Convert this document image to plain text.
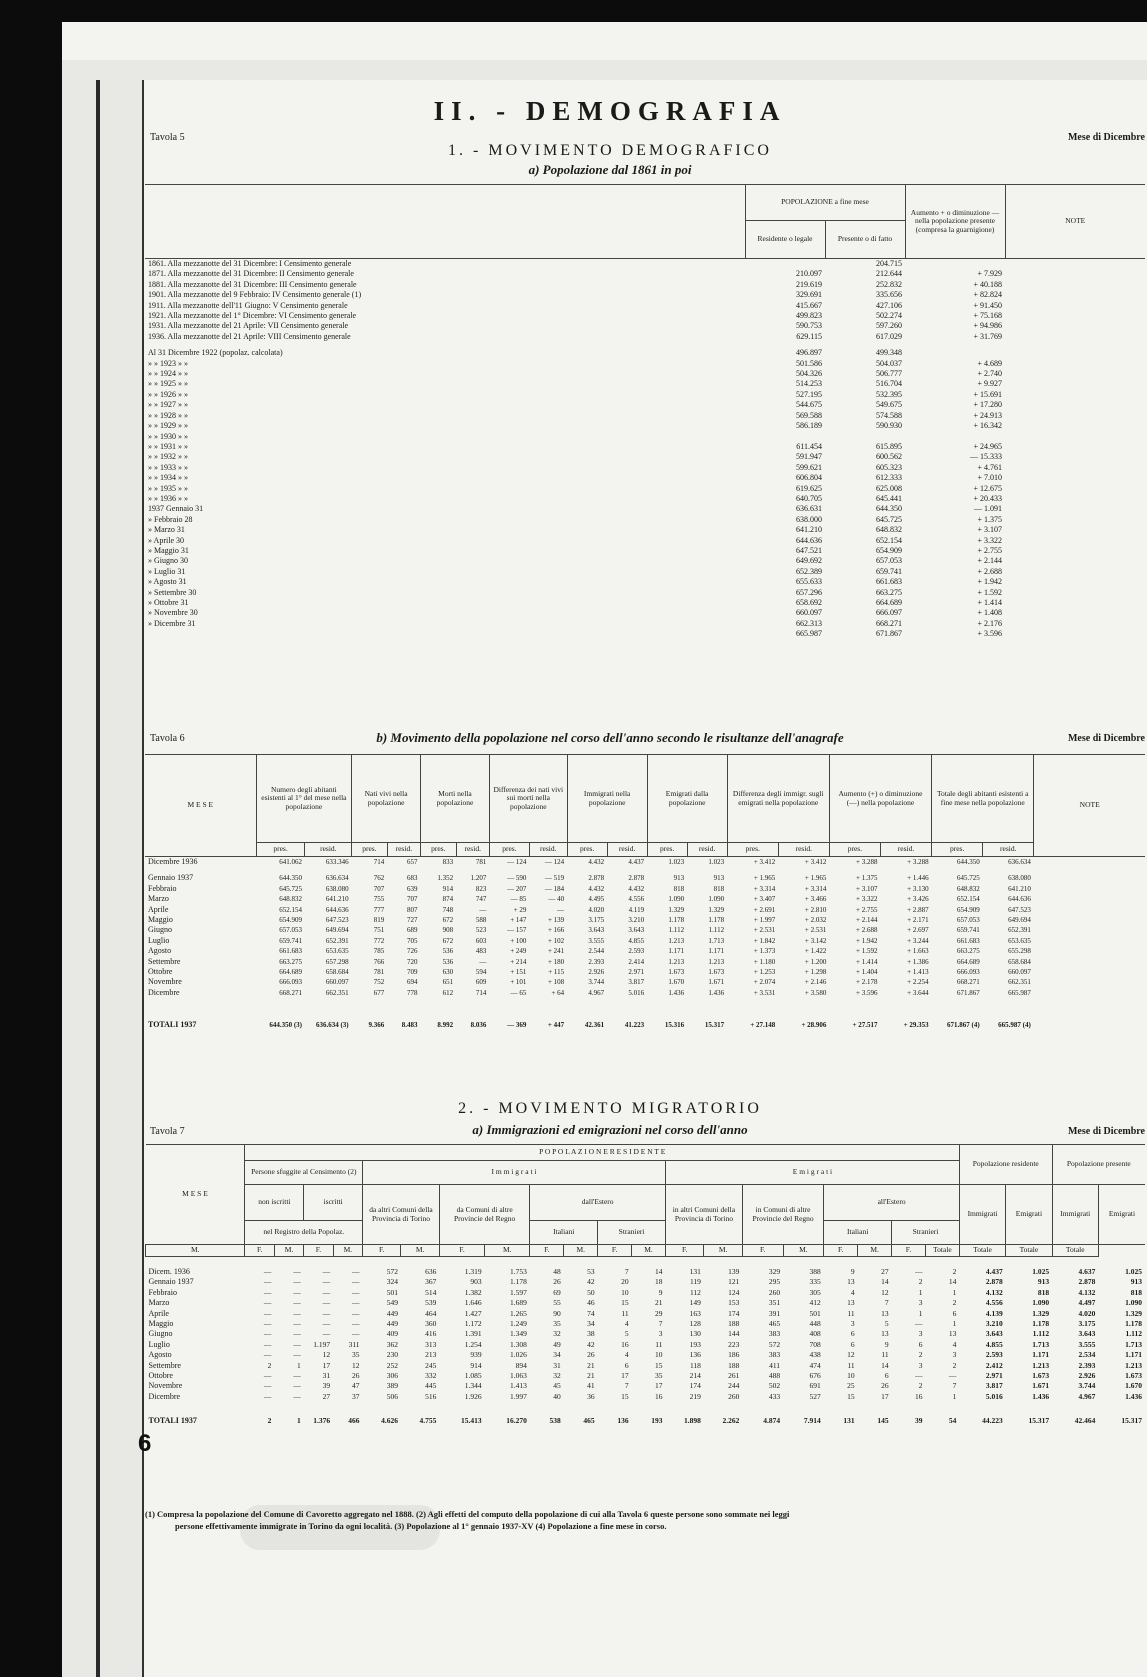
6
II. - DEMOGRAFIA
Tavola 5	Mese di Dicembre
1. - MOVIMENTO DEMOGRAFICO
a) Popolazione dal 1861 in poi
	POPOLAZIONE a fine mese		Aumento + o diminuzione — nella popolazione presente (compresa la guarnigione)	NOTE
	Residente o legale	Presente o di fatto		
1861. Alla mezzanotte del 31 Dicembre: I Censimento generale		204.715		
1871. Alla mezzanotte del 31 Dicembre: II Censimento generale	210.097	212.644	+ 7.929	
1881. Alla mezzanotte del 31 Dicembre: III Censimento generale	219.619	252.832	+ 40.188	
1901. Alla mezzanotte del 9 Febbraio: IV Censimento generale (1)	329.691	335.656	+ 82.824	
1911. Alla mezzanotte dell'11 Giugno: V Censimento generale	415.667	427.106	+ 91.450	
1921. Alla mezzanotte del 1° Dicembre: VI Censimento generale	499.823	502.274	+ 75.168	
1931. Alla mezzanotte del 21 Aprile: VII Censimento generale	590.753	597.260	+ 94.986	
1936. Alla mezzanotte del 21 Aprile: VIII Censimento generale	629.115	617.029	+ 31.769	

Al 31 Dicembre 1922 (popolaz. calcolata)	496.897	499.348		
» » 1923 » »	501.586	504.037	+ 4.689	
» » 1924 » »	504.326	506.777	+ 2.740	
» » 1925 » »	514.253	516.704	+ 9.927	
» » 1926 » »	527.195	532.395	+ 15.691	
» » 1927 » »	544.675	549.675	+ 17.280	
» » 1928 » »	569.588	574.588	+ 24.913	
» » 1929 » »	586.189	590.930	+ 16.342	
» » 1930 » »				
» » 1931 » »	611.454	615.895	+ 24.965	
» » 1932 » »	591.947	600.562	— 15.333	
» » 1933 » »	599.621	605.323	+ 4.761	
» » 1934 » »	606.804	612.333	+ 7.010	
» » 1935 » »	619.625	625.008	+ 12.675	
» » 1936 » »	640.705	645.441	+ 20.433	
1937 Gennaio 31	636.631	644.350	— 1.091	
» Febbraio 28	638.000	645.725	+ 1.375	
» Marzo 31	641.210	648.832	+ 3.107	
» Aprile 30	644.636	652.154	+ 3.322	
» Maggio 31	647.521	654.909	+ 2.755	
» Giugno 30	649.692	657.053	+ 2.144	
» Luglio 31	652.389	659.741	+ 2.688	
» Agosto 31	655.633	661.683	+ 1.942	
» Settembre 30	657.296	663.275	+ 1.592	
» Ottobre 31	658.692	664.689	+ 1.414	
» Novembre 30	660.097	666.097	+ 1.408	
» Dicembre 31	662.313	668.271	+ 2.176	
	665.987	671.867	+ 3.596	
Tavola 6	Mese di Dicembre
b) Movimento della popolazione nel corso dell'anno secondo le risultanze dell'anagrafe
M E S E	Numero degli abitanti esistenti al 1° del mese nella popolazione		Nati vivi nella popolazione		Morti nella popolazione		Differenza dei nati vivi sui morti nella popolazione		Immigrati nella popolazione		Emigrati dalla popolazione		Differenza degli immigr. sugli emigrati nella popolazione		Aumento (+) o diminuzione (—) nella popolazione		Totale degli abitanti esistenti a fine mese nella popolazione		NOTE
	pres.	resid.	pres.	resid.	pres.	resid.	pres.	resid.	pres.	resid.	pres.	resid.	pres.	resid.	pres.	resid.	pres.	resid.	
Dicembre 1936	641.062	633.346	714	657	833	781	— 124	— 124	4.432	4.437	1.023	1.023	+ 3.412	+ 3.412	+ 3.288	+ 3.288	644.350	636.634	

Gennaio 1937	644.350	636.634	762	683	1.352	1.207	— 590	— 519	2.878	2.878	913	913	+ 1.965	+ 1.965	+ 1.375	+ 1.446	645.725	638.080	
Febbraio	645.725	638.080	707	639	914	823	— 207	— 184	4.432	4.432	818	818	+ 3.314	+ 3.314	+ 3.107	+ 3.130	648.832	641.210	
Marzo	648.832	641.210	755	707	874	747	— 85	— 40	4.495	4.556	1.090	1.090	+ 3.407	+ 3.466	+ 3.322	+ 3.426	652.154	644.636	
Aprile	652.154	644.636	777	807	748	—	+ 29	—	4.020	4.119	1.329	1.329	+ 2.691	+ 2.810	+ 2.755	+ 2.887	654.909	647.523	
Maggio	654.909	647.523	819	727	672	588	+ 147	+ 139	3.175	3.210	1.178	1.178	+ 1.997	+ 2.032	+ 2.144	+ 2.171	657.053	649.694	
Giugno	657.053	649.694	751	689	908	523	— 157	+ 166	3.643	3.643	1.112	1.112	+ 2.531	+ 2.531	+ 2.688	+ 2.697	659.741	652.391	
Luglio	659.741	652.391	772	705	672	603	+ 100	+ 102	3.555	4.855	1.213	1.713	+ 1.842	+ 3.142	+ 1.942	+ 3.244	661.683	653.635	
Agosto	661.683	653.635	785	726	536	483	+ 249	+ 241	2.544	2.593	1.171	1.171	+ 1.373	+ 1.422	+ 1.592	+ 1.663	663.275	655.298	
Settembre	663.275	657.298	766	720	536	—	+ 214	+ 180	2.393	2.414	1.213	1.213	+ 1.180	+ 1.200	+ 1.414	+ 1.386	664.689	658.684	
Ottobre	664.689	658.684	781	709	630	594	+ 151	+ 115	2.926	2.971	1.673	1.673	+ 1.253	+ 1.298	+ 1.404	+ 1.413	666.093	660.097	
Novembre	666.093	660.097	752	694	651	609	+ 101	+ 108	3.744	3.817	1.670	1.671	+ 2.074	+ 2.146	+ 2.178	+ 2.254	668.271	662.351	
Dicembre	668.271	662.351	677	778	612	714	— 65	+ 64	4.967	5.016	1.436	1.436	+ 3.531	+ 3.580	+ 3.596	+ 3.644	671.867	665.987	

TOTALI 1937	644.350 (3)	636.634 (3)	9.366	8.483	8.992	8.036	— 369	+ 447	42.361	41.223	15.316	15.317	+ 27.148	+ 28.906	+ 27.517	+ 29.353	671.867 (4)	665.987 (4)	
2. - MOVIMENTO MIGRATORIO
Tavola 7	Mese di Dicembre
a) Immigrazioni ed emigrazioni nel corso dell'anno
M E S E	P O P O L A Z I O N E R E S I D E N T E																				Popolazione residente		Popolazione presente	
	Persone sfuggite al Censimento (2)				I m m i g r a t i								E m i g r a t i											
	non iscritti		iscritti		da altri Comuni della Provincia di Torino		da Comuni di altre Provincie del Regno		dall'Estero				in altri Comuni della Provincia di Torino		in Comuni di altre Provincie del Regno		all'Estero				Immigrati	Emigrati	Immigrati	Emigrati
	nel Registro della Popolaz.								Italiani		Stranieri						Italiani		Stranieri					
M.	F.	M.	F.	M.	F.	M.	F.	M.	F.	M.	F.	M.	F.	M.	F.	M.	F.	M.	F.	Totale	Totale	Totale	Totale	

Dicem. 1936	—	—	—	—	572	636	1.319	1.753	48	53	7	14	131	139	329	388	9	27	—	2	4.437	1.025	4.637	1.025
Gennaio 1937	—	—	—	—	324	367	903	1.178	26	42	20	18	119	121	295	335	13	14	2	14	2.878	913	2.878	913
Febbraio	—	—	—	—	501	514	1.382	1.597	69	50	10	9	112	124	260	305	4	12	1	1	4.132	818	4.132	818
Marzo	—	—	—	—	549	539	1.646	1.689	55	46	15	21	149	153	351	412	13	7	3	2	4.556	1.090	4.497	1.090
Aprile	—	—	—	—	449	464	1.427	1.265	90	74	11	29	163	174	391	501	11	13	1	6	4.139	1.329	4.020	1.329
Maggio	—	—	—	—	449	360	1.172	1.249	35	34	4	7	128	188	465	448	3	5	—	1	3.210	1.178	3.175	1.178
Giugno	—	—	—	—	409	416	1.391	1.349	32	38	5	3	130	144	383	408	6	13	3	13	3.643	1.112	3.643	1.112
Luglio	—	—	1.197	311	362	313	1.254	1.308	49	42	16	11	193	223	572	708	6	9	6	4	4.855	1.713	3.555	1.713
Agosto	—	—	12	35	230	213	939	1.026	34	26	4	10	136	186	383	438	12	11	2	3	2.593	1.171	2.534	1.171
Settembre	2	1	17	12	252	245	914	894	31	21	6	15	118	188	411	474	11	14	3	2	2.412	1.213	2.393	1.213
Ottobre	—	—	31	26	306	332	1.085	1.063	32	21	17	35	214	261	488	676	10	6	—	—	2.971	1.673	2.926	1.673
Novembre	—	—	39	47	389	445	1.344	1.413	45	41	7	17	174	244	502	691	25	26	2	7	3.817	1.671	3.744	1.670
Dicembre	—	—	27	37	506	516	1.926	1.997	40	36	15	16	219	260	433	527	15	17	16	1	5.016	1.436	4.967	1.436

TOTALI 1937	2	1	1.376	466	4.626	4.755	15.413	16.270	538	465	136	193	1.898	2.262	4.874	7.914	131	145	39	54	44.223	15.317	42.464	15.317
(1) Compresa la popolazione del Comune di Cavoretto aggregato nel 1888. (2) Agli effetti del computo della popolazione di cui alla Tavola 6 queste persone sono sommate nei leggi
persone effettivamente immigrate in Torino da ogni località. (3) Popolazione al 1° gennaio 1937-XV (4) Popolazione a fine mese in corso.
